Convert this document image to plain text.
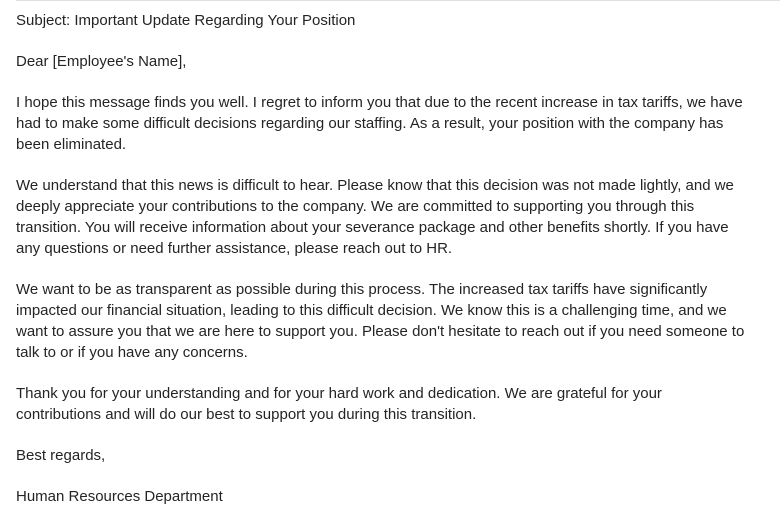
Subject: Important Update Regarding Your Position

Dear [Employee's Name],

I hope this message finds you well. I regret to inform you that due to the recent increase in tax tariffs, we have
had to make some difficult decisions regarding our staffing. As a result, your position with the company has
been eliminated.

We understand that this news is difficult to hear. Please know that this decision was not made lightly, and we
deeply appreciate your contributions to the company. We are committed to supporting you through this
transition. You will receive information about your severance package and other benefits shortly. If you have
any questions or need further assistance, please reach out to HR.

We want to be as transparent as possible during this process. The increased tax tariffs have significantly
impacted our financial situation, leading to this difficult decision. We know this is a challenging time, and we
want to assure you that we are here to support you. Please don't hesitate to reach out if you need someone to
talk to or if you have any concerns.

Thank you for your understanding and for your hard work and dedication. We are grateful for your
contributions and will do our best to support you during this transition.

Best regards,

Human Resources Department
